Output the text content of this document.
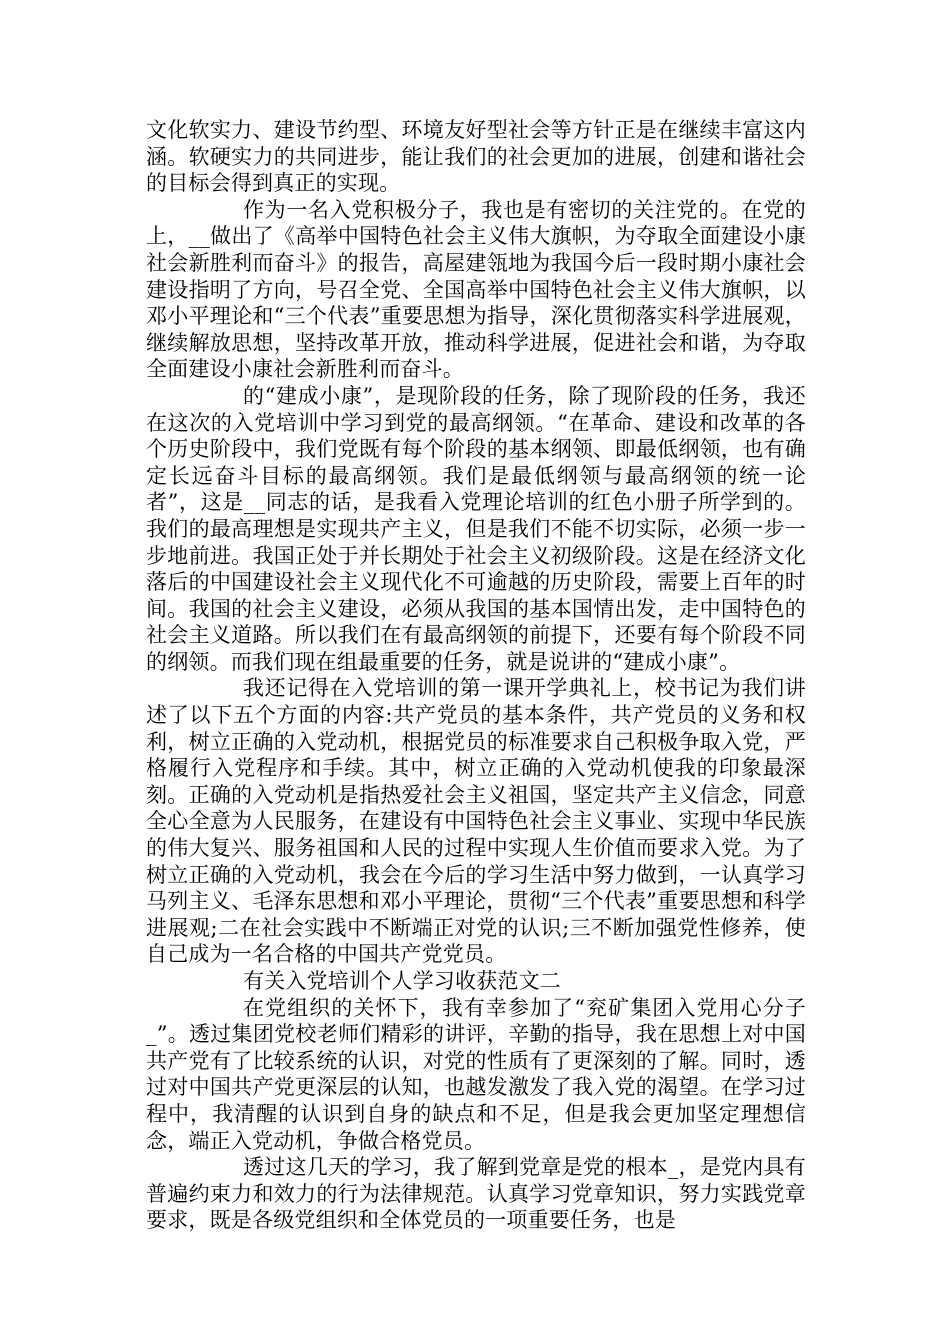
文化软实力、建设节约型、环境友好型社会等方针正是在继续丰富这内涵。软硬实力的共同进步，能让我们的社会更加的进展，创建和谐社会的目标会得到真正的实现。

作为一名入党积极分子，我也是有密切的关注党的。在党的上，__做出了《高举中国特色社会主义伟大旗帜，为夺取全面建设小康社会新胜利而奋斗》的报告，高屋建瓴地为我国今后一段时期小康社会建设指明了方向，号召全党、全国高举中国特色社会主义伟大旗帜，以邓小平理论和“三个代表”重要思想为指导，深化贯彻落实科学进展观，继续解放思想，坚持改革开放，推动科学进展，促进社会和谐，为夺取全面建设小康社会新胜利而奋斗。

的“建成小康”，是现阶段的任务，除了现阶段的任务，我还在这次的入党培训中学习到党的最高纲领。“在革命、建设和改革的各个历史阶段中，我们党既有每个阶段的基本纲领、即最低纲领，也有确定长远奋斗目标的最高纲领。我们是最低纲领与最高纲领的统一论者”，这是__同志的话，是我看入党理论培训的红色小册子所学到的。我们的最高理想是实现共产主义，但是我们不能不切实际，必须一步一步地前进。我国正处于并长期处于社会主义初级阶段。这是在经济文化落后的中国建设社会主义现代化不可逾越的历史阶段，需要上百年的时间。我国的社会主义建设，必须从我国的基本国情出发，走中国特色的社会主义道路。所以我们在有最高纲领的前提下，还要有每个阶段不同的纲领。而我们现在组最重要的任务，就是说讲的“建成小康”。

我还记得在入党培训的第一课开学典礼上，校书记为我们讲述了以下五个方面的内容:共产党员的基本条件，共产党员的义务和权利，树立正确的入党动机，根据党员的标准要求自己积极争取入党，严格履行入党程序和手续。其中，树立正确的入党动机使我的印象最深刻。正确的入党动机是指热爱社会主义祖国，坚定共产主义信念，同意全心全意为人民服务，在建设有中国特色社会主义事业、实现中华民族的伟大复兴、服务祖国和人民的过程中实现人生价值而要求入党。为了树立正确的入党动机，我会在今后的学习生活中努力做到，一认真学习马列主义、毛泽东思想和邓小平理论，贯彻“三个代表”重要思想和科学进展观;二在社会实践中不断端正对党的认识;三不断加强党性修养，使自己成为一名合格的中国共产党党员。

有关入党培训个人学习收获范文二

在党组织的关怀下，我有幸参加了“兖矿集团入党用心分子_”。透过集团党校老师们精彩的讲评，辛勤的指导，我在思想上对中国共产党有了比较系统的认识，对党的性质有了更深刻的了解。同时，透过对中国共产党更深层的认知，也越发激发了我入党的渴望。在学习过程中，我清醒的认识到自身的缺点和不足，但是我会更加坚定理想信念，端正入党动机，争做合格党员。

透过这几天的学习，我了解到党章是党的根本_，是党内具有普遍约束力和效力的行为法律规范。认真学习党章知识，努力实践党章要求，既是各级党组织和全体党员的一项重要任务，也是
